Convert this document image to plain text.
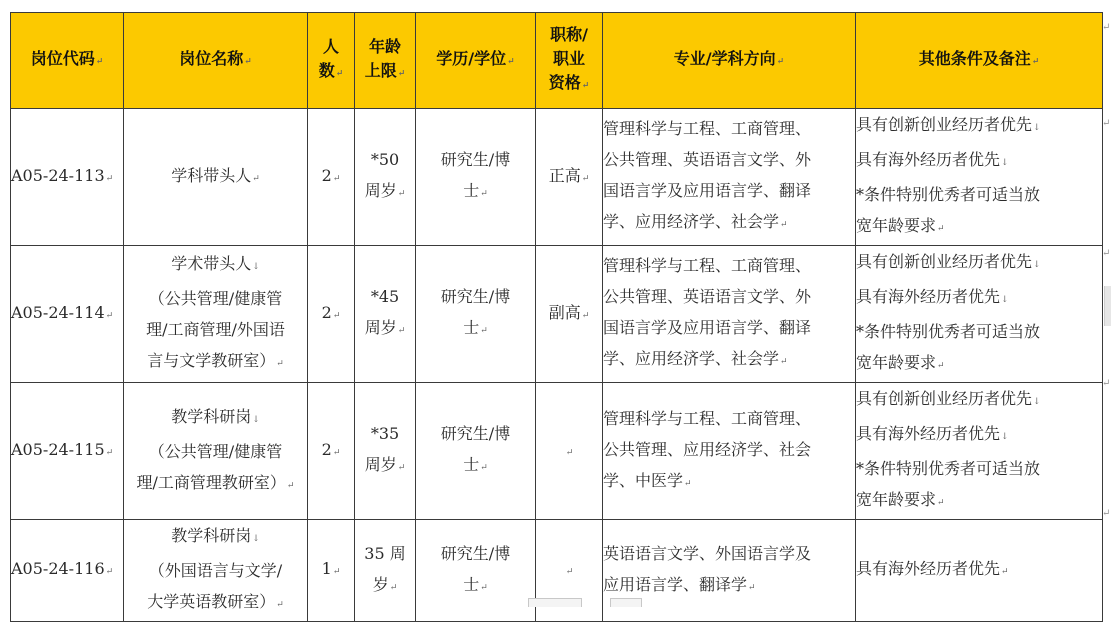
岗位代码↵	岗位名称↵	人
数↵	年龄
上限↵	学历/学位↵	职称/
职业
资格↵	专业/学科方向↵	其他条件及备注↵
A05-24-113↵	学科带头人↵	2↵	*50
周岁↵	研究生/博
士↵	正高↵	管理科学与工程、工商管理、
公共管理、英语语言文学、外
国语言学及应用语言学、翻译
学、应用经济学、社会学↵	具有创新创业经历者优先↓
具有海外经历者优先↓
*条件特别优秀者可适当放
宽年龄要求↵

A05-24-114↵	学术带头人↓
（公共管理/健康管
理/工商管理/外国语
言与文学教研室）↵	2↵	*45
周岁↵	研究生/博
士↵	副高↵	管理科学与工程、工商管理、
公共管理、英语语言文学、外
国语言学及应用语言学、翻译
学、应用经济学、社会学↵	具有创新创业经历者优先↓
具有海外经历者优先↓
*条件特别优秀者可适当放
宽年龄要求↵

A05-24-115↵	教学科研岗↓
（公共管理/健康管
理/工商管理教研室）↵	2↵	*35
周岁↵	研究生/博
士↵	↵	管理科学与工程、工商管理、
公共管理、应用经济学、社会
学、中医学↵	具有创新创业经历者优先↓
具有海外经历者优先↓
*条件特别优秀者可适当放
宽年龄要求↵

A05-24-116↵	教学科研岗↓
（外国语言与文学/
大学英语教研室）↵	1↵	35 周
岁↵	研究生/博
士↵	↵	英语语言文学、外国语言学及
应用语言学、翻译学↵	具有海外经历者优先↵
↵
↵
↵
↵
↵
